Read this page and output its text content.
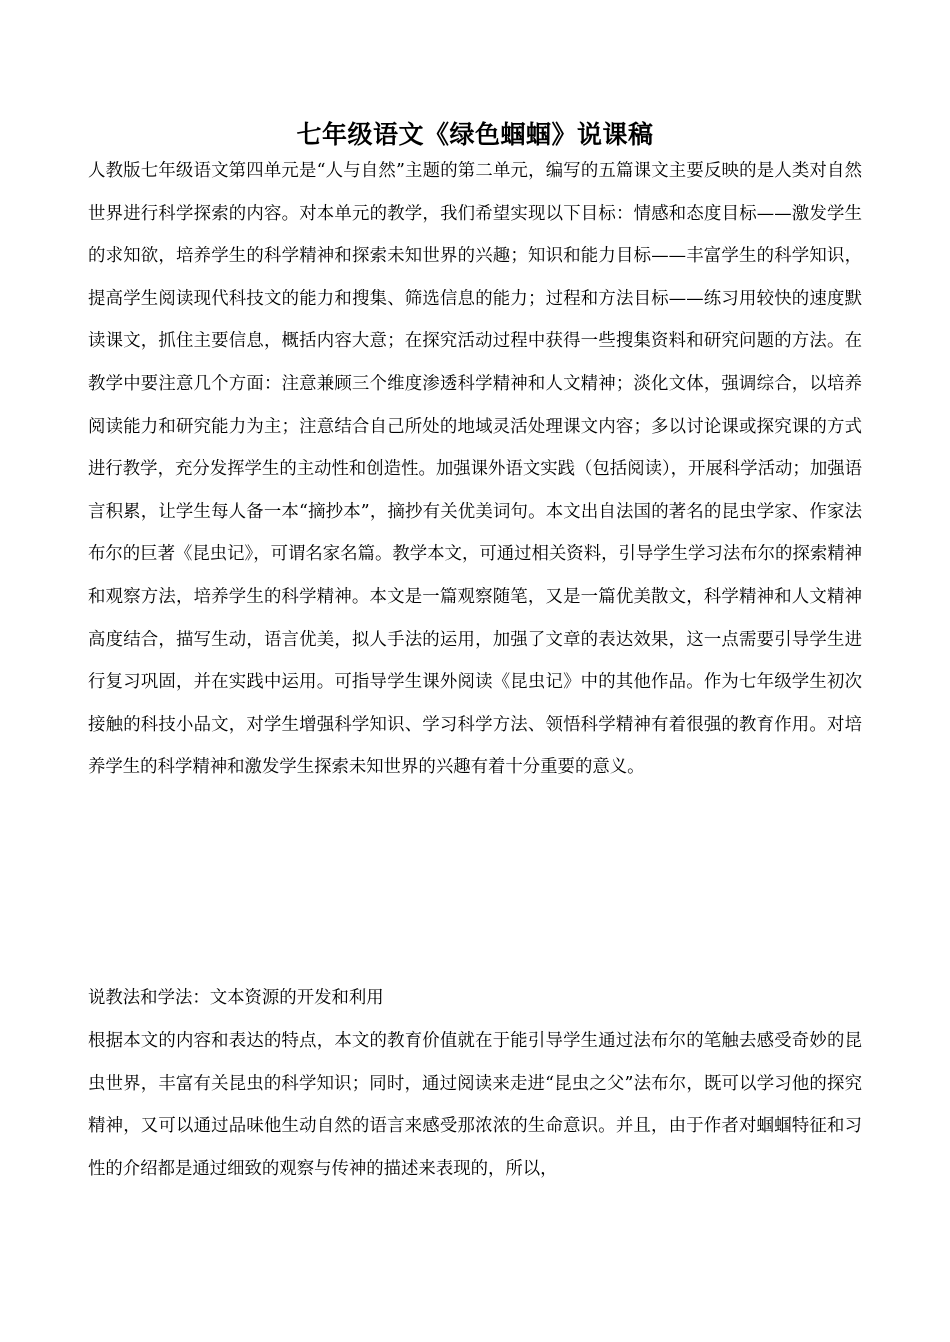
七年级语文《绿色蝈蝈》说课稿

人教版七年级语文第四单元是“人与自然”主题的第二单元，编写的五篇课文主要反映的是人类对自然世界进行科学探索的内容。对本单元的教学，我们希望实现以下目标：情感和态度目标——激发学生的求知欲，培养学生的科学精神和探索未知世界的兴趣；知识和能力目标——丰富学生的科学知识，提高学生阅读现代科技文的能力和搜集、筛选信息的能力；过程和方法目标——练习用较快的速度默读课文，抓住主要信息，概括内容大意；在探究活动过程中获得一些搜集资料和研究问题的方法。在教学中要注意几个方面：注意兼顾三个维度渗透科学精神和人文精神；淡化文体，强调综合，以培养阅读能力和研究能力为主；注意结合自己所处的地域灵活处理课文内容；多以讨论课或探究课的方式进行教学，充分发挥学生的主动性和创造性。加强课外语文实践（包括阅读），开展科学活动；加强语言积累，让学生每人备一本“摘抄本”，摘抄有关优美词句。本文出自法国的著名的昆虫学家、作家法布尔的巨著《昆虫记》，可谓名家名篇。教学本文，可通过相关资料，引导学生学习法布尔的探索精神和观察方法，培养学生的科学精神。本文是一篇观察随笔，又是一篇优美散文，科学精神和人文精神高度结合，描写生动，语言优美，拟人手法的运用，加强了文章的表达效果，这一点需要引导学生进行复习巩固，并在实践中运用。可指导学生课外阅读《昆虫记》中的其他作品。作为七年级学生初次接触的科技小品文，对学生增强科学知识、学习科学方法、领悟科学精神有着很强的教育作用。对培养学生的科学精神和激发学生探索未知世界的兴趣有着十分重要的意义。

说教法和学法：文本资源的开发和利用

根据本文的内容和表达的特点，本文的教育价值就在于能引导学生通过法布尔的笔触去感受奇妙的昆虫世界，丰富有关昆虫的科学知识；同时，通过阅读来走进“昆虫之父”法布尔，既可以学习他的探究精神，又可以通过品味他生动自然的语言来感受那浓浓的生命意识。并且，由于作者对蝈蝈特征和习性的介绍都是通过细致的观察与传神的描述来表现的，所以，
